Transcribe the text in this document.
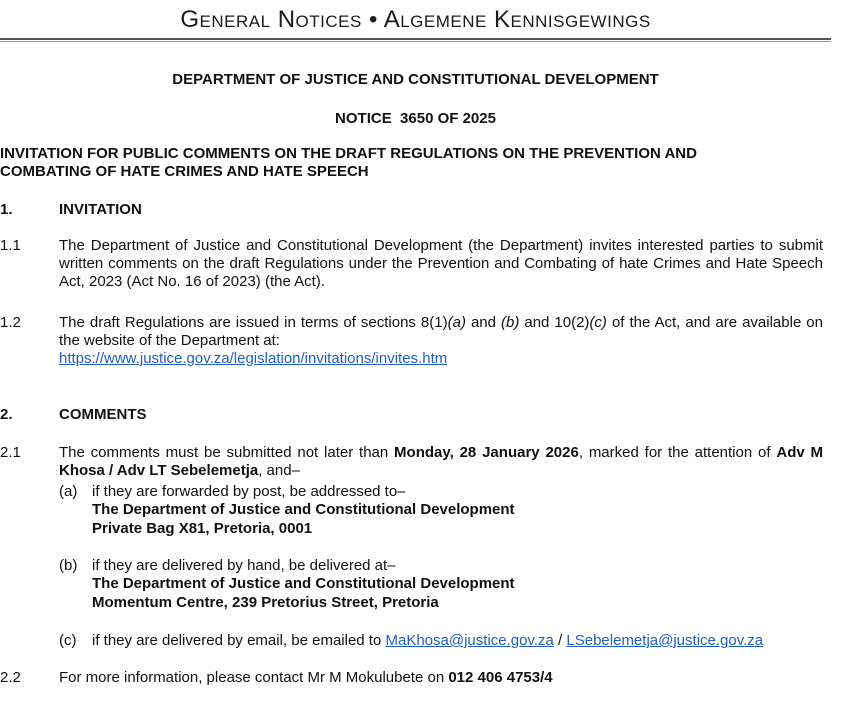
General Notices • Algemene Kennisgewings
DEPARTMENT OF JUSTICE AND CONSTITUTIONAL DEVELOPMENT
NOTICE  3650 OF 2025
INVITATION FOR PUBLIC COMMENTS ON THE DRAFT REGULATIONS ON THE PREVENTION AND
COMBATING OF HATE CRIMES AND HATE SPEECH
1.	INVITATION
1.1	The Department of Justice and Constitutional Development (the Department) invites interested parties to submit written comments on the draft Regulations under the Prevention and Combating of hate Crimes and Hate Speech Act, 2023 (Act No. 16 of 2023) (the Act).
1.2	The draft Regulations are issued in terms of sections 8(1)(a) and (b) and 10(2)(c) of the Act, and are available on the website of the Department at:
https://www.justice.gov.za/legislation/invitations/invites.htm
2.	COMMENTS
2.1	The comments must be submitted not later than Monday, 28 January 2026, marked for the attention of Adv M Khosa / Adv LT Sebelemetja, and–
(a) if they are forwarded by post, be addressed to–
The Department of Justice and Constitutional Development
Private Bag X81, Pretoria, 0001
(b) if they are delivered by hand, be delivered at–
The Department of Justice and Constitutional Development
Momentum Centre, 239 Pretorius Street, Pretoria
(c) if they are delivered by email, be emailed to MaKhosa@justice.gov.za / LSebelemetja@justice.gov.za
2.2	For more information, please contact Mr M Mokulubete on 012 406 4753/4
